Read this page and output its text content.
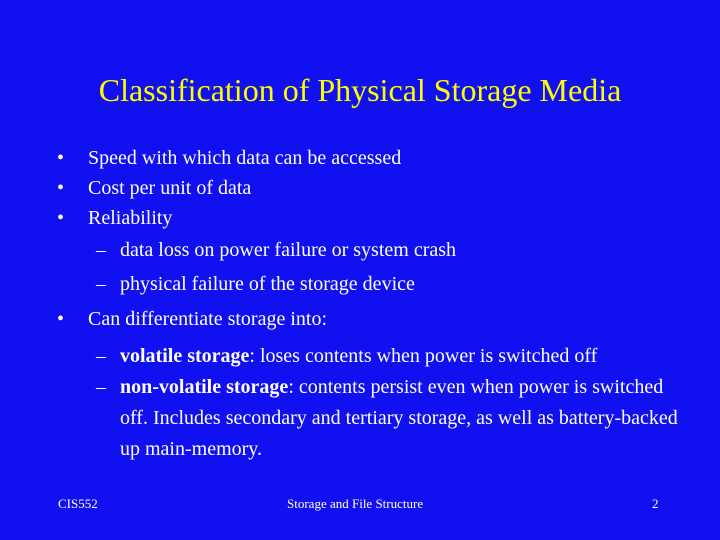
Classification of Physical Storage Media
• Speed with which data can be accessed
• Cost per unit of data
• Reliability
– data loss on power failure or system crash
– physical failure of the storage device
• Can differentiate storage into:
– volatile storage: loses contents when power is switched off
– non-volatile storage: contents persist even when power is switched off. Includes secondary and tertiary storage, as well as battery-backed up main-memory.
CIS552	Storage and File Structure	2
